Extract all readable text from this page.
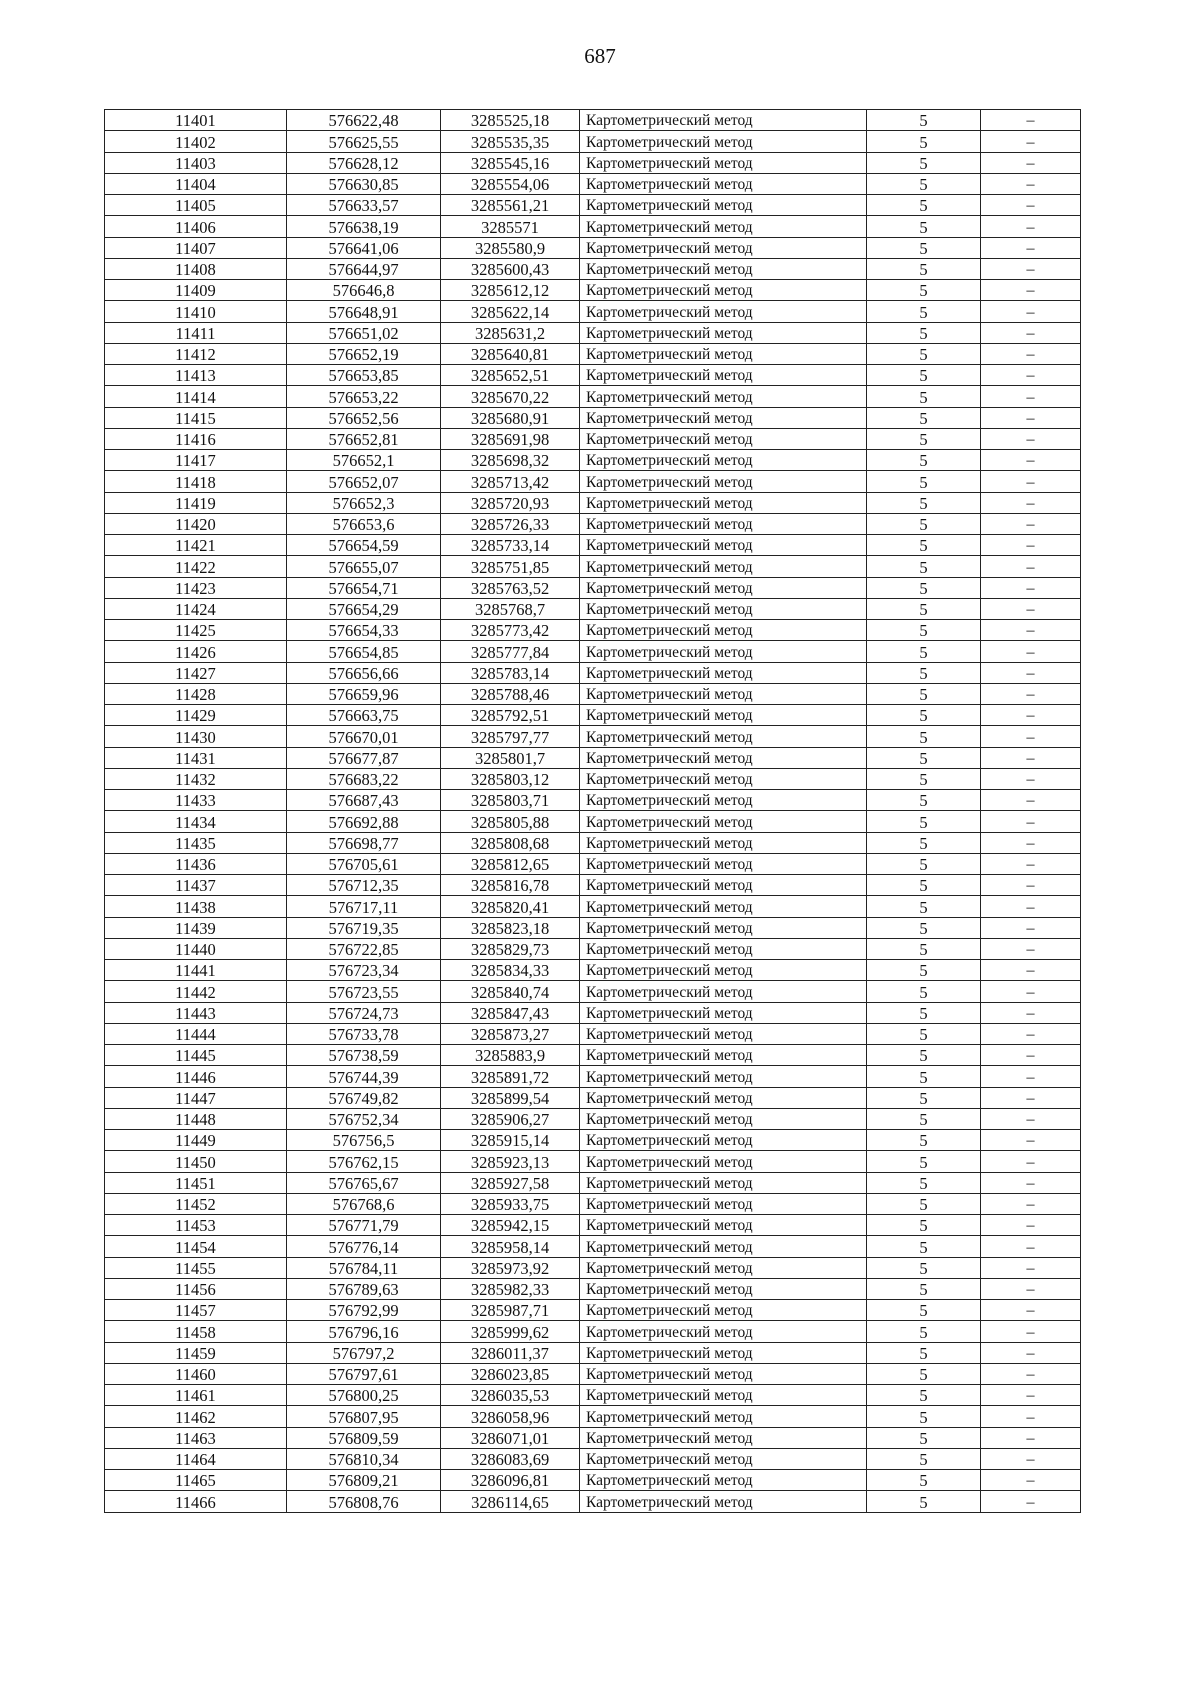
687
11401	576622,48	3285525,18	Картометрический метод	5	–
11402	576625,55	3285535,35	Картометрический метод	5	–
11403	576628,12	3285545,16	Картометрический метод	5	–
11404	576630,85	3285554,06	Картометрический метод	5	–
11405	576633,57	3285561,21	Картометрический метод	5	–
11406	576638,19	3285571	Картометрический метод	5	–
11407	576641,06	3285580,9	Картометрический метод	5	–
11408	576644,97	3285600,43	Картометрический метод	5	–
11409	576646,8	3285612,12	Картометрический метод	5	–
11410	576648,91	3285622,14	Картометрический метод	5	–
11411	576651,02	3285631,2	Картометрический метод	5	–
11412	576652,19	3285640,81	Картометрический метод	5	–
11413	576653,85	3285652,51	Картометрический метод	5	–
11414	576653,22	3285670,22	Картометрический метод	5	–
11415	576652,56	3285680,91	Картометрический метод	5	–
11416	576652,81	3285691,98	Картометрический метод	5	–
11417	576652,1	3285698,32	Картометрический метод	5	–
11418	576652,07	3285713,42	Картометрический метод	5	–
11419	576652,3	3285720,93	Картометрический метод	5	–
11420	576653,6	3285726,33	Картометрический метод	5	–
11421	576654,59	3285733,14	Картометрический метод	5	–
11422	576655,07	3285751,85	Картометрический метод	5	–
11423	576654,71	3285763,52	Картометрический метод	5	–
11424	576654,29	3285768,7	Картометрический метод	5	–
11425	576654,33	3285773,42	Картометрический метод	5	–
11426	576654,85	3285777,84	Картометрический метод	5	–
11427	576656,66	3285783,14	Картометрический метод	5	–
11428	576659,96	3285788,46	Картометрический метод	5	–
11429	576663,75	3285792,51	Картометрический метод	5	–
11430	576670,01	3285797,77	Картометрический метод	5	–
11431	576677,87	3285801,7	Картометрический метод	5	–
11432	576683,22	3285803,12	Картометрический метод	5	–
11433	576687,43	3285803,71	Картометрический метод	5	–
11434	576692,88	3285805,88	Картометрический метод	5	–
11435	576698,77	3285808,68	Картометрический метод	5	–
11436	576705,61	3285812,65	Картометрический метод	5	–
11437	576712,35	3285816,78	Картометрический метод	5	–
11438	576717,11	3285820,41	Картометрический метод	5	–
11439	576719,35	3285823,18	Картометрический метод	5	–
11440	576722,85	3285829,73	Картометрический метод	5	–
11441	576723,34	3285834,33	Картометрический метод	5	–
11442	576723,55	3285840,74	Картометрический метод	5	–
11443	576724,73	3285847,43	Картометрический метод	5	–
11444	576733,78	3285873,27	Картометрический метод	5	–
11445	576738,59	3285883,9	Картометрический метод	5	–
11446	576744,39	3285891,72	Картометрический метод	5	–
11447	576749,82	3285899,54	Картометрический метод	5	–
11448	576752,34	3285906,27	Картометрический метод	5	–
11449	576756,5	3285915,14	Картометрический метод	5	–
11450	576762,15	3285923,13	Картометрический метод	5	–
11451	576765,67	3285927,58	Картометрический метод	5	–
11452	576768,6	3285933,75	Картометрический метод	5	–
11453	576771,79	3285942,15	Картометрический метод	5	–
11454	576776,14	3285958,14	Картометрический метод	5	–
11455	576784,11	3285973,92	Картометрический метод	5	–
11456	576789,63	3285982,33	Картометрический метод	5	–
11457	576792,99	3285987,71	Картометрический метод	5	–
11458	576796,16	3285999,62	Картометрический метод	5	–
11459	576797,2	3286011,37	Картометрический метод	5	–
11460	576797,61	3286023,85	Картометрический метод	5	–
11461	576800,25	3286035,53	Картометрический метод	5	–
11462	576807,95	3286058,96	Картометрический метод	5	–
11463	576809,59	3286071,01	Картометрический метод	5	–
11464	576810,34	3286083,69	Картометрический метод	5	–
11465	576809,21	3286096,81	Картометрический метод	5	–
11466	576808,76	3286114,65	Картометрический метод	5	–
